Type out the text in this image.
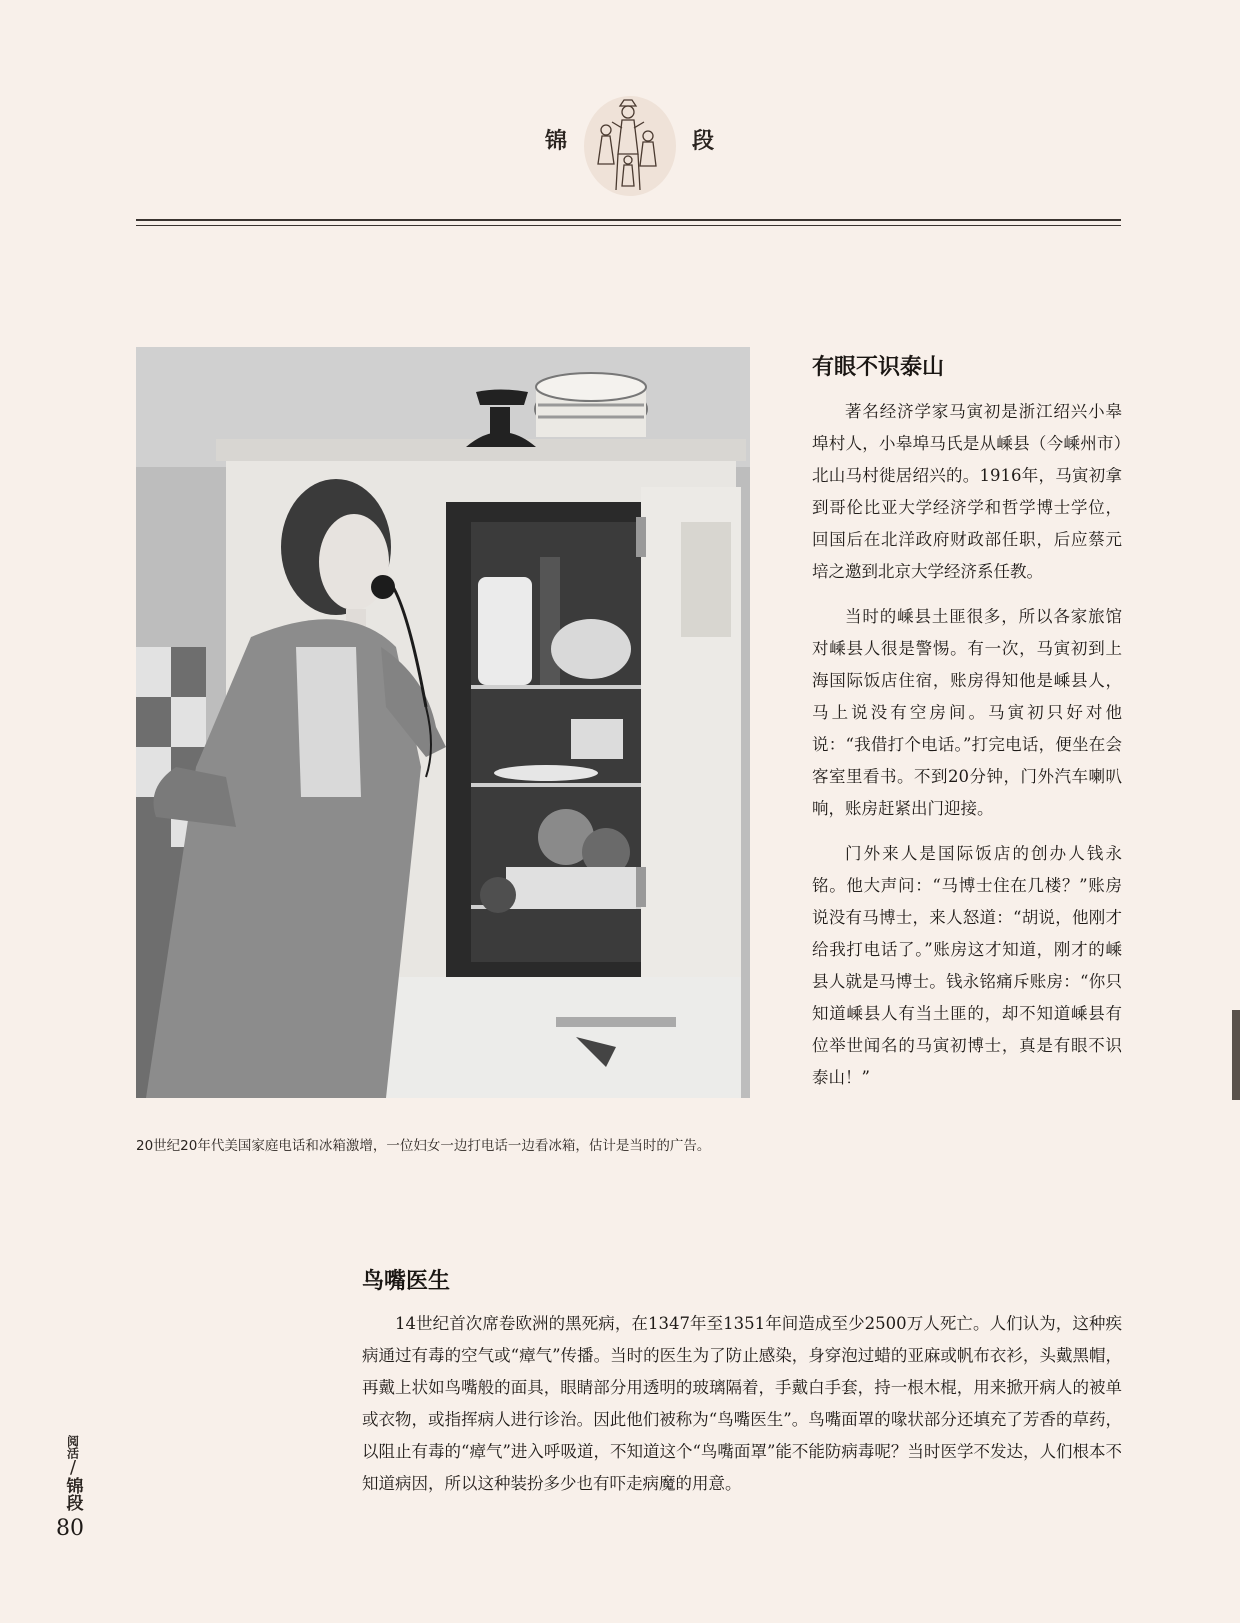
锦	段
20世纪20年代美国家庭电话和冰箱激增，一位妇女一边打电话一边看冰箱，估计是当时的广告。
有眼不识泰山

著名经济学家马寅初是浙江绍兴小皋埠村人，小皋埠马氏是从嵊县（今嵊州市）北山马村徙居绍兴的。1916年，马寅初拿到哥伦比亚大学经济学和哲学博士学位，回国后在北洋政府财政部任职，后应蔡元培之邀到北京大学经济系任教。

当时的嵊县土匪很多，所以各家旅馆对嵊县人很是警惕。有一次，马寅初到上海国际饭店住宿，账房得知他是嵊县人，马上说没有空房间。马寅初只好对他说：“我借打个电话。”打完电话，便坐在会客室里看书。不到20分钟，门外汽车喇叭响，账房赶紧出门迎接。

门外来人是国际饭店的创办人钱永铭。他大声问：“马博士住在几楼？”账房说没有马博士，来人怒道：“胡说，他刚才给我打电话了。”账房这才知道，刚才的嵊县人就是马博士。钱永铭痛斥账房：“你只知道嵊县人有当土匪的，却不知道嵊县有位举世闻名的马寅初博士，真是有眼不识泰山！”

鸟嘴医生

14世纪首次席卷欧洲的黑死病，在1347年至1351年间造成至少2500万人死亡。人们认为，这种疾病通过有毒的空气或“瘴气”传播。当时的医生为了防止感染，身穿泡过蜡的亚麻或帆布衣衫，头戴黑帽，再戴上状如鸟嘴般的面具，眼睛部分用透明的玻璃隔着，手戴白手套，持一根木棍，用来掀开病人的被单或衣物，或指挥病人进行诊治。因此他们被称为“鸟嘴医生”。鸟嘴面罩的喙状部分还填充了芳香的草药，以阻止有毒的“瘴气”进入呼吸道，不知道这个“鸟嘴面罩”能不能防病毒呢？当时医学不发达，人们根本不知道病因，所以这种装扮多少也有吓走病魔的用意。

阅活
/
锦段
80
